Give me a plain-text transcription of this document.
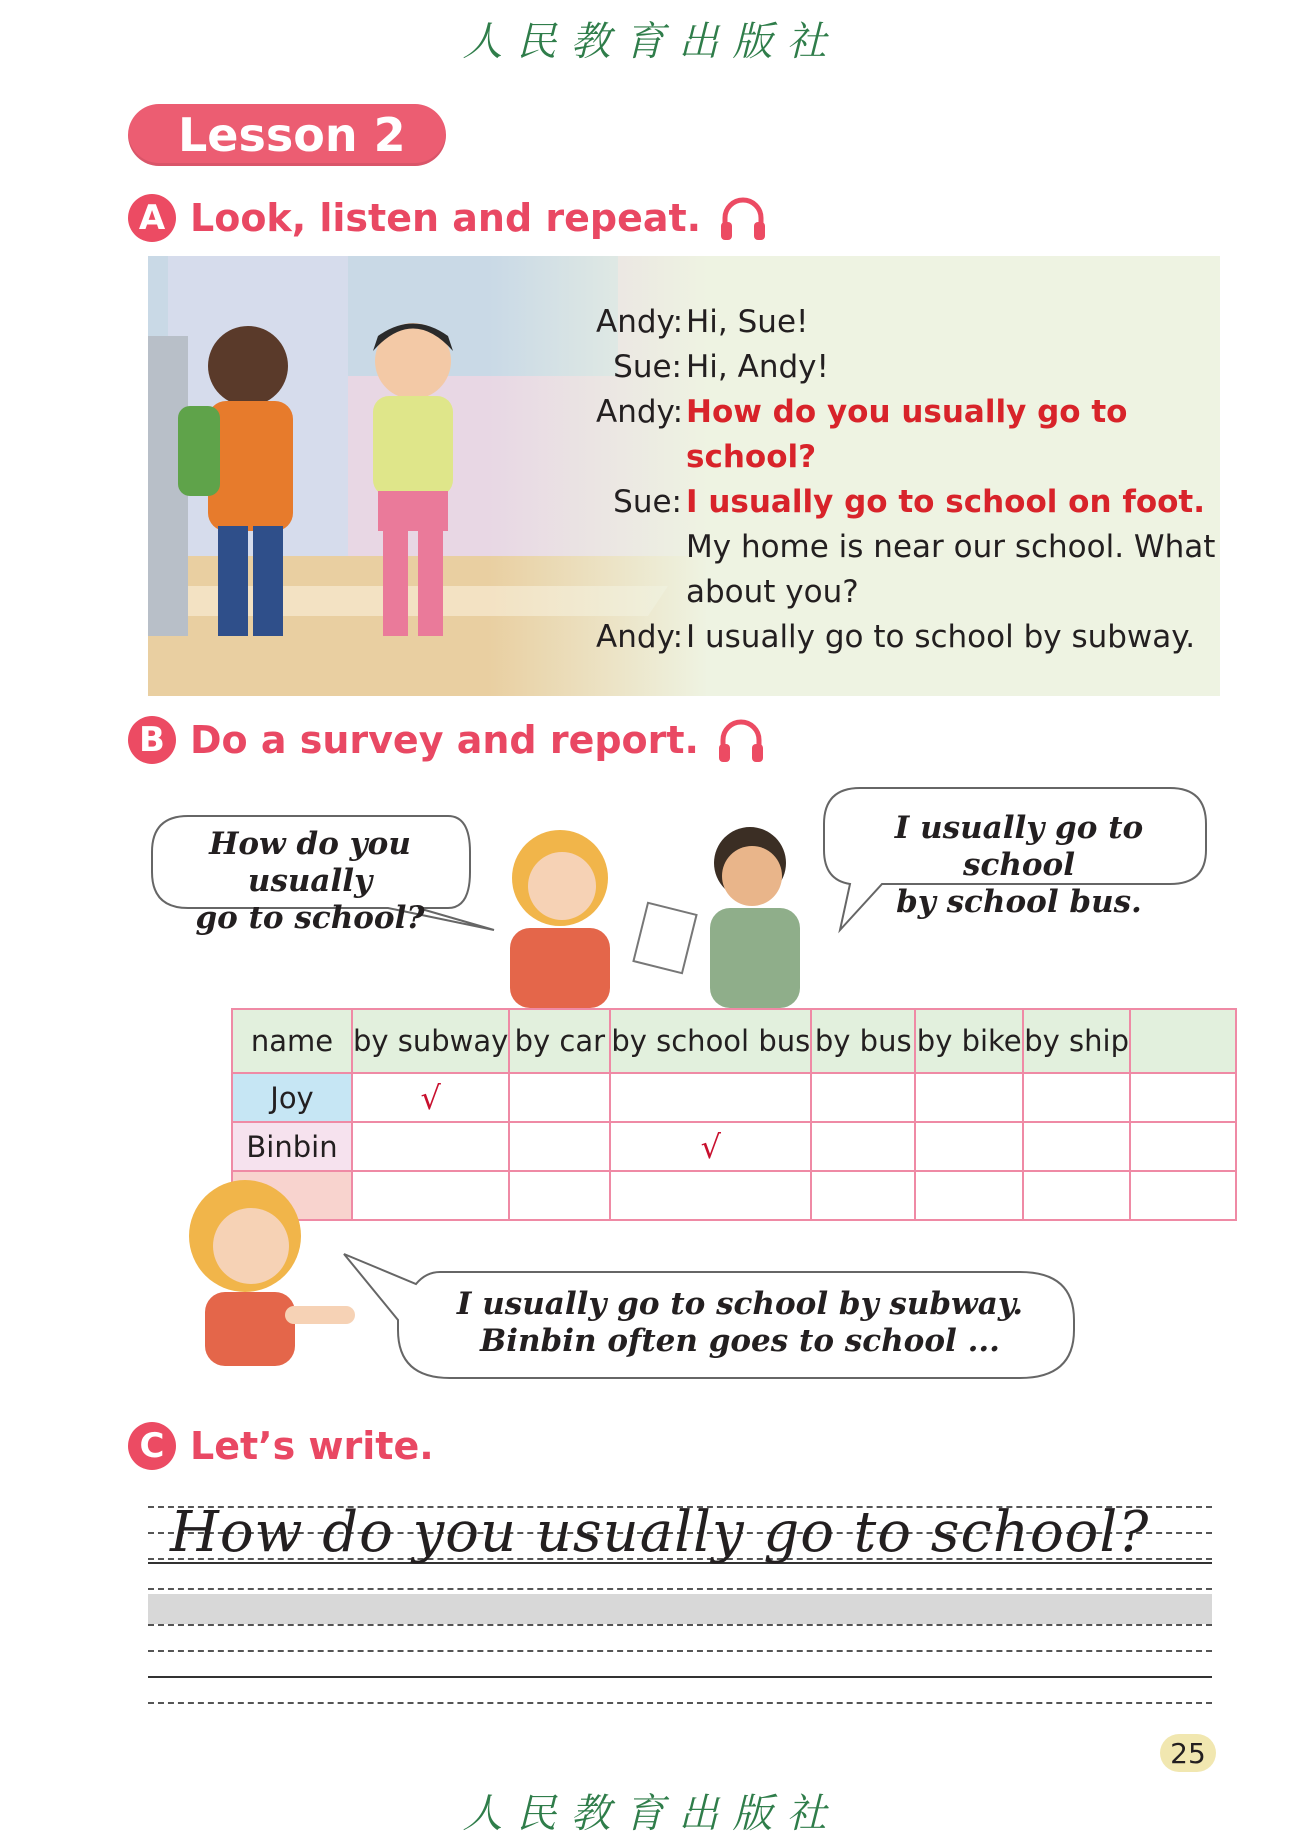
人民教育出版社
Lesson 2
A Look, listen and repeat.
Andy: Hi, Sue!
Sue: Hi, Andy!
Andy: How do you usually go to school?
Sue: I usually go to school on foot.
My home is near our school. What
about you?
Andy: I usually go to school by subway.
B Do a survey and report.
How do you usually
go to school?
I usually go to school
by school bus.
name	by subway	by car	by school bus	by bus	by bike	by ship	
Joy	√						
Binbin			√				

I usually go to school by subway.
Binbin often goes to school ...
C Let’s write.
How do you usually go to school?
25
人民教育出版社
